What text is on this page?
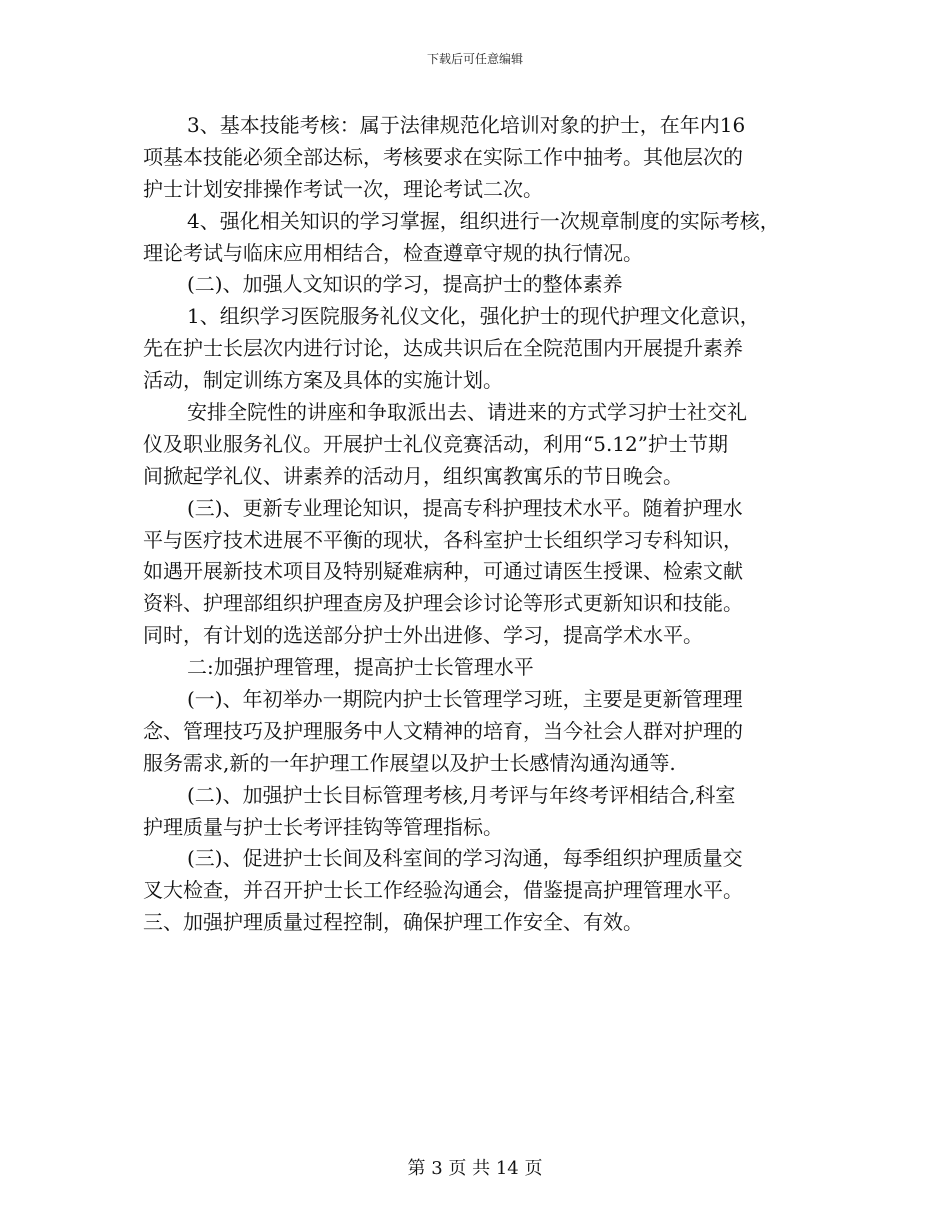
下载后可任意编辑
3、基本技能考核：属于法律规范化培训对象的护士，在年内16
项基本技能必须全部达标，考核要求在实际工作中抽考。其他层次的
护士计划安排操作考试一次，理论考试二次。
4、强化相关知识的学习掌握，组织进行一次规章制度的实际考核，
理论考试与临床应用相结合，检查遵章守规的执行情况。
(二)、加强人文知识的学习，提高护士的整体素养
1、组织学习医院服务礼仪文化，强化护士的现代护理文化意识，
先在护士长层次内进行讨论，达成共识后在全院范围内开展提升素养
活动，制定训练方案及具体的实施计划。
安排全院性的讲座和争取派出去、请进来的方式学习护士社交礼
仪及职业服务礼仪。开展护士礼仪竞赛活动，利用“5.12”护士节期
间掀起学礼仪、讲素养的活动月，组织寓教寓乐的节日晚会。
(三)、更新专业理论知识，提高专科护理技术水平。随着护理水
平与医疗技术进展不平衡的现状，各科室护士长组织学习专科知识，
如遇开展新技术项目及特别疑难病种，可通过请医生授课、检索文献
资料、护理部组织护理查房及护理会诊讨论等形式更新知识和技能。
同时，有计划的选送部分护士外出进修、学习，提高学术水平。
二:加强护理管理，提高护士长管理水平
(一)、年初举办一期院内护士长管理学习班，主要是更新管理理
念、管理技巧及护理服务中人文精神的培育，当今社会人群对护理的
服务需求,新的一年护理工作展望以及护士长感情沟通沟通等.
(二)、加强护士长目标管理考核,月考评与年终考评相结合,科室
护理质量与护士长考评挂钩等管理指标。
(三)、促进护士长间及科室间的学习沟通，每季组织护理质量交
叉大检查，并召开护士长工作经验沟通会，借鉴提高护理管理水平。
三、加强护理质量过程控制，确保护理工作安全、有效。
第 3 页 共 14 页
